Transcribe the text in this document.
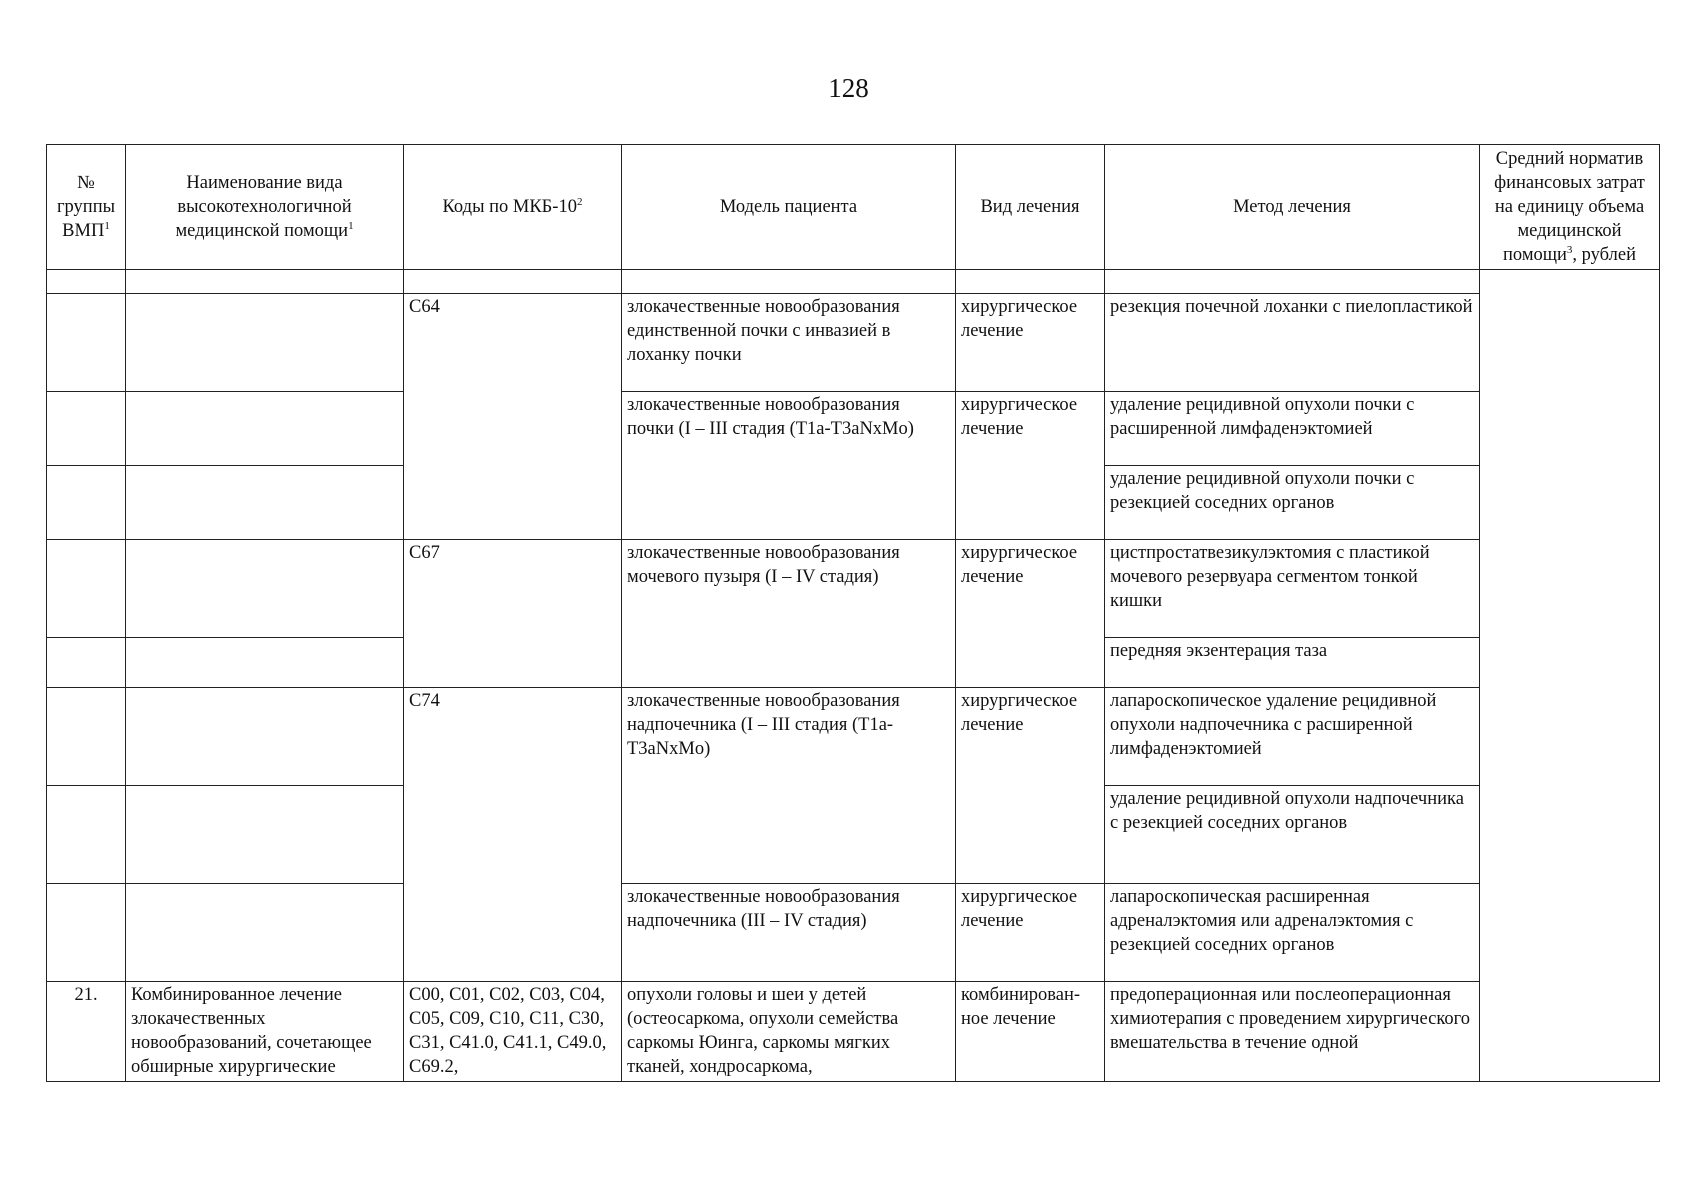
128
№ группы ВМП$^1$	Наименование вида высокотехнологичной медицинской помощи$^1$	Коды по МКБ-$10^2$	Модель пациента	Вид лечения	Метод лечения	Средний норматив финансовых затрат на единицу объема медицинской помощи$^3$, рублей	

		C64	злокачественные новообразования единственной почки с инвазией в лоханку почки	хирургическое лечение	резекция почечной лоханки с пиелопластикой		
			злокачественные новообразования почки (I – III стадия (T1a-T3aNxMo)	хирургическое лечение	удаление рецидивной опухоли почки с расширенной лимфаденэктомией		
					удаление рецидивной опухоли почки с резекцией соседних органов		
		C67	злокачественные новообразования мочевого пузыря (I – IV стадия)	хирургическое лечение	цистпростатвезикулэктомия с пластикой мочевого резервуара сегментом тонкой кишки		
					передняя экзентерация таза		
		C74	злокачественные новообразования надпочечника (I – III стадия (T1a-T3aNxMo)	хирургическое лечение	лапароскопическое удаление рецидивной опухоли надпочечника с расширенной лимфаденэктомией		
					удаление рецидивной опухоли надпочечника с резекцией соседних органов		
			злокачественные новообразования надпочечника (III – IV стадия)	хирургическое лечение	лапароскопическая расширенная адреналэктомия или адреналэктомия с резекцией соседних органов		
21.	Комбинированное лечение злокачественных новообразований, сочетающее обширные хирургические	C00, C01, C02, C03, C04, C05, C09, C10, C11, C30, C31, C41.0, C41.1, C49.0, C69.2,	опухоли головы и шеи у детей (остеосаркома, опухоли семейства саркомы Юинга, саркомы мягких тканей, хондросаркома,	комбинирован-ное лечение	предоперационная или послеоперационная химиотерапия с проведением хирургического вмешательства в течение одной	
